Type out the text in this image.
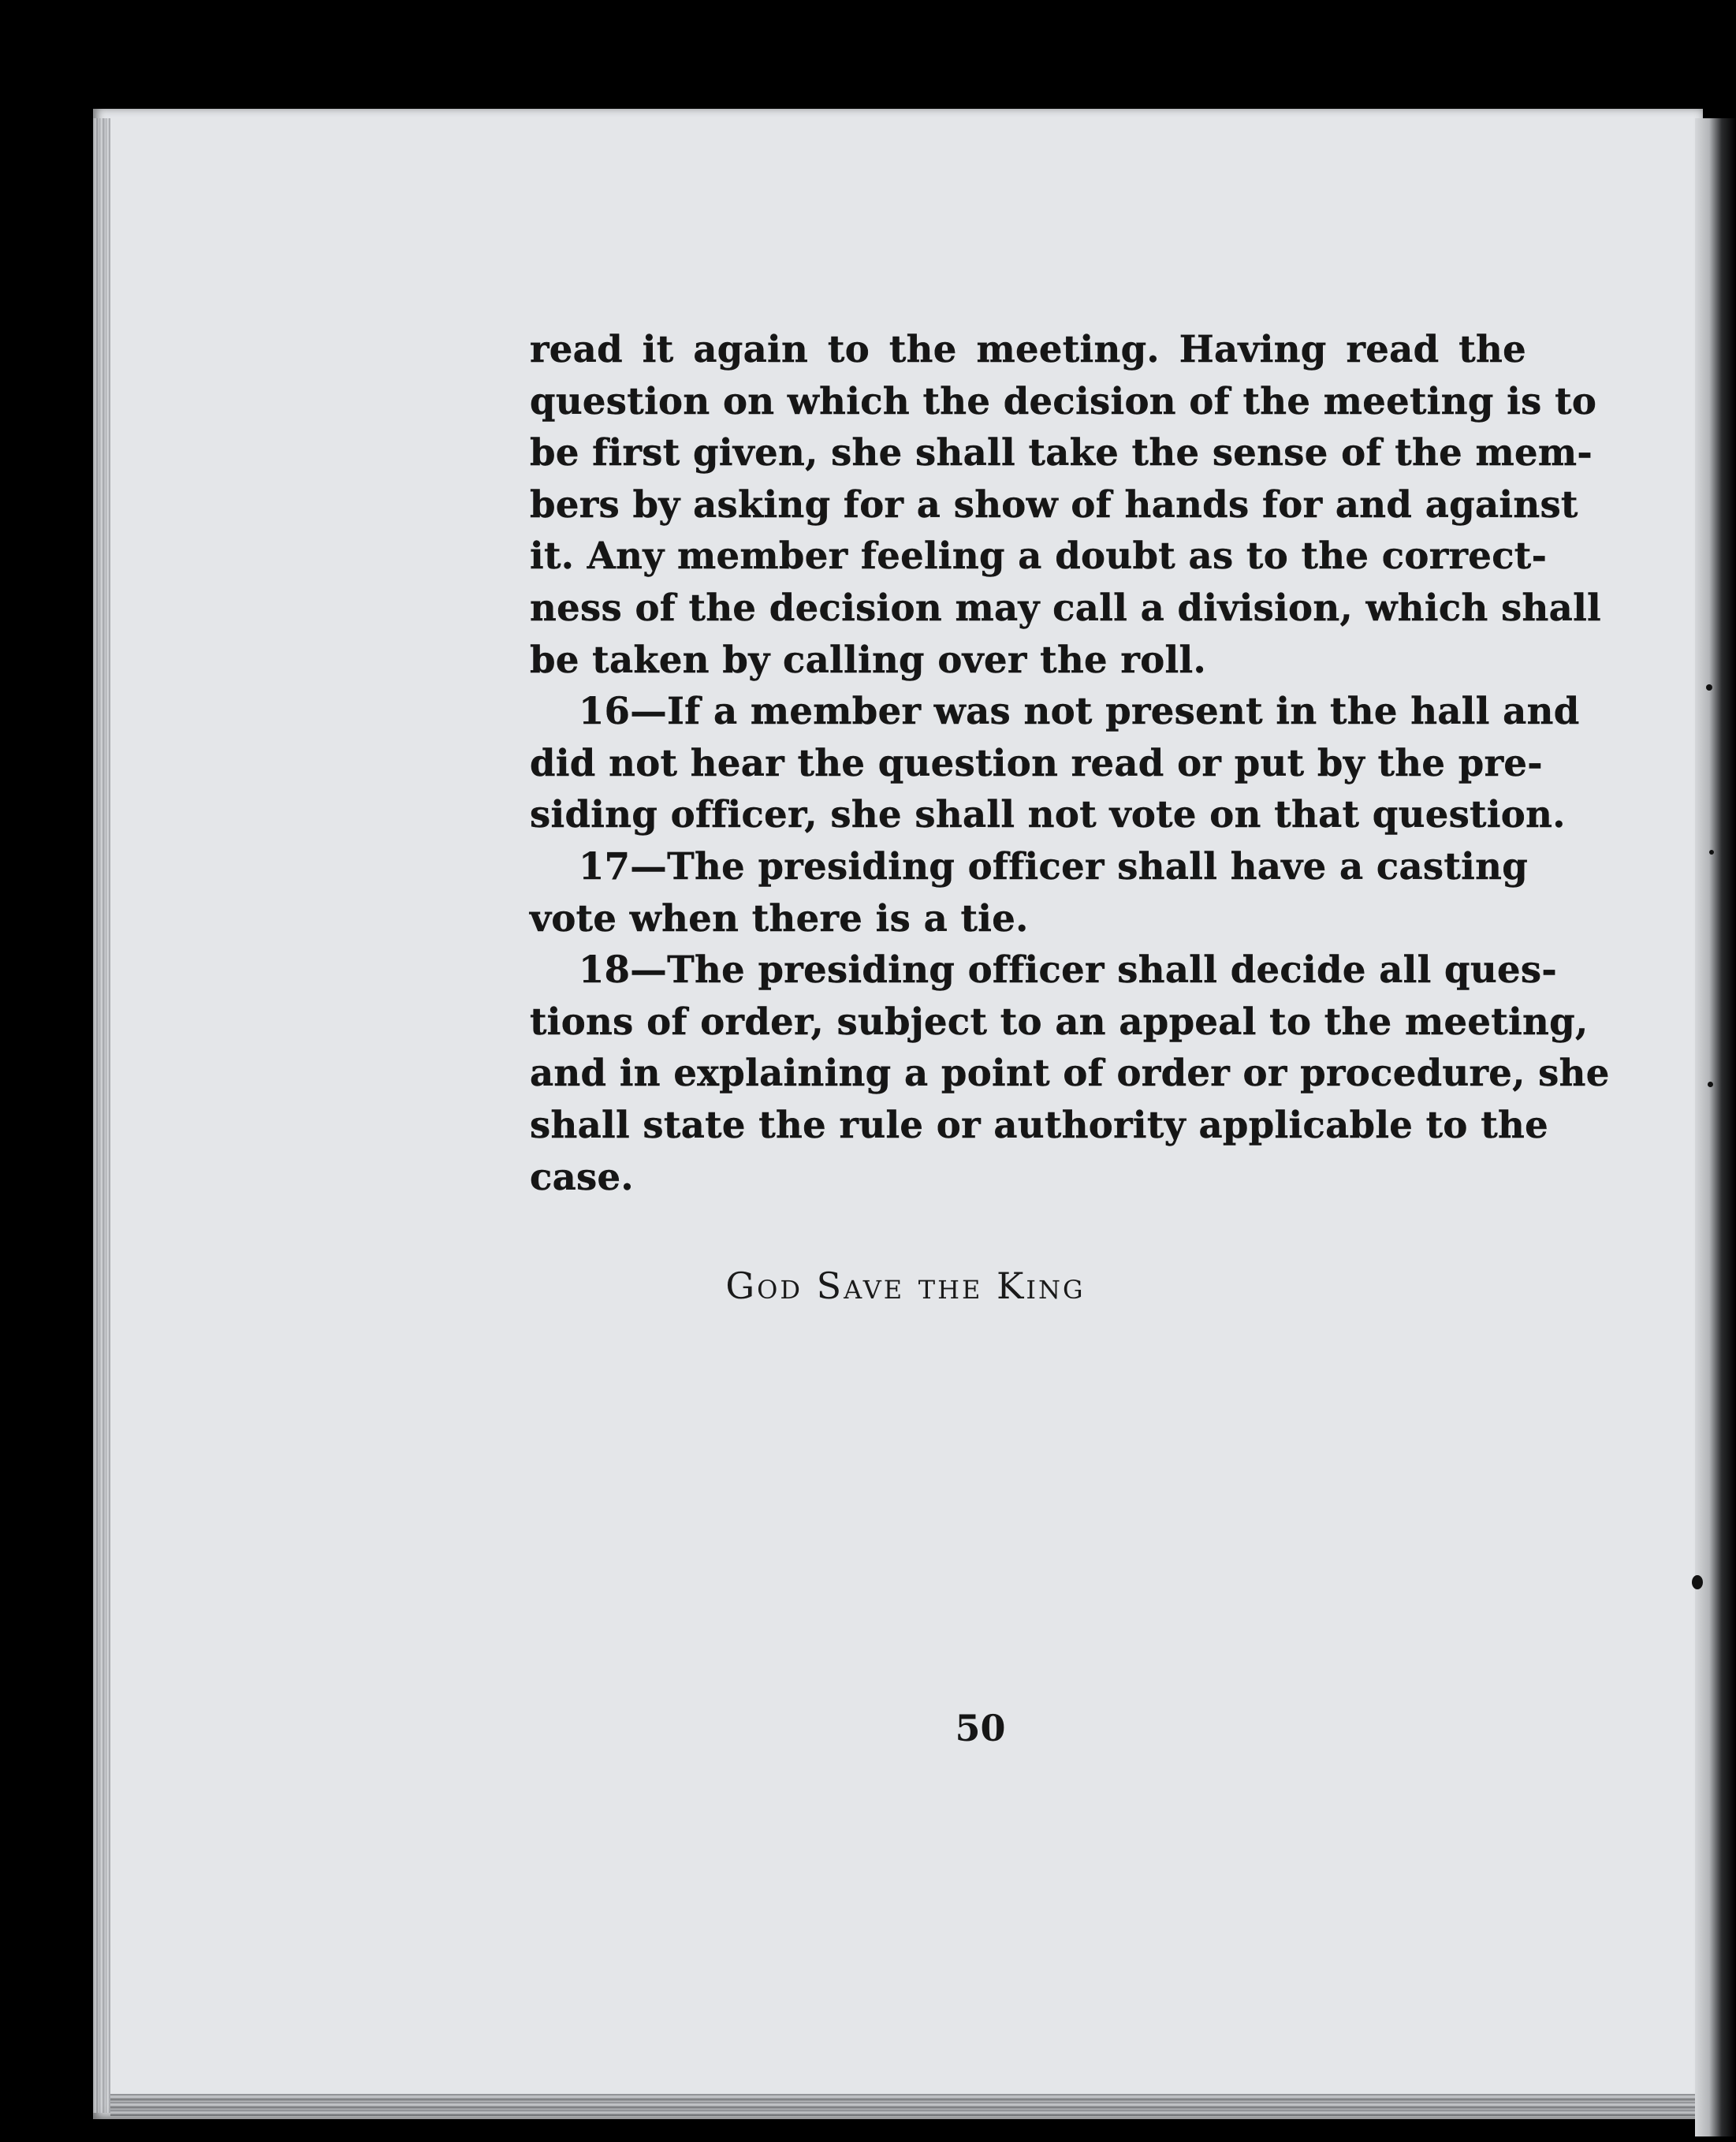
read it again to the meeting. Having read the
question on which the decision of the meeting is to
be first given, she shall take the sense of the mem-
bers by asking for a show of hands for and against
it. Any member feeling a doubt as to the correct-
ness of the decision may call a division, which shall
be taken by calling over the roll.

16—If a member was not present in the hall and
did not hear the question read or put by the pre-
siding officer, she shall not vote on that question.

17—The presiding officer shall have a casting
vote when there is a tie.

18—The presiding officer shall decide all ques-
tions of order, subject to an appeal to the meeting,
and in explaining a point of order or procedure, she
shall state the rule or authority applicable to the
case.

God Save the King
50
